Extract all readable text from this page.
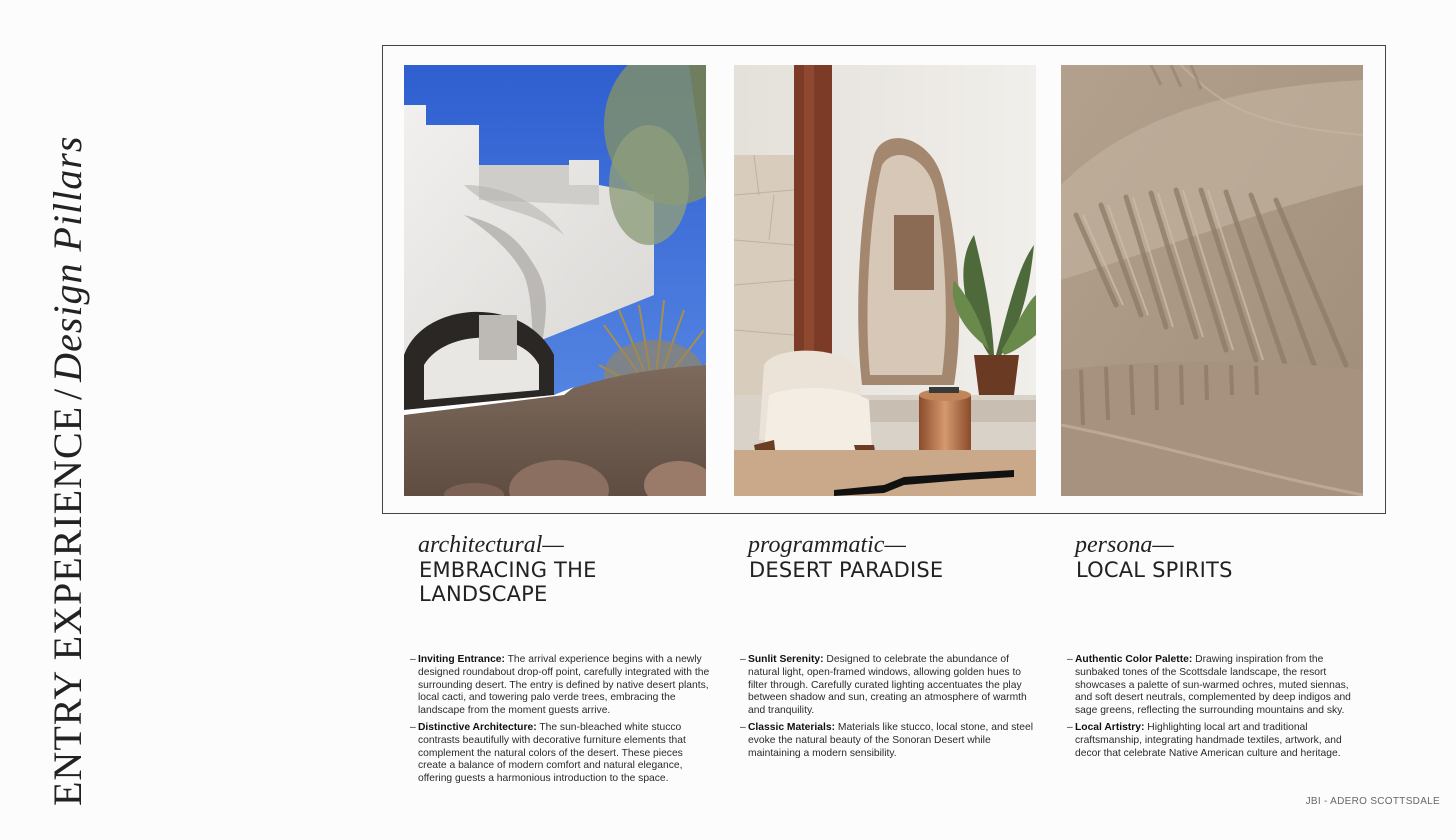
ENTRY EXPERIENCE/Design Pillars
architectural—
EMBRACING THE LANDSCAPE
– Inviting Entrance: The arrival experience begins with a newly designed roundabout drop-off point, carefully integrated with the surrounding desert. The entry is defined by native desert plants, local cacti, and towering palo verde trees, embracing the landscape from the moment guests arrive.
– Distinctive Architecture: The sun-bleached white stucco contrasts beautifully with decorative furniture elements that complement the natural colors of the desert. These pieces create a balance of modern comfort and natural elegance, offering guests a harmonious introduction to the space.
programmatic—
DESERT PARADISE
– Sunlit Serenity: Designed to celebrate the abundance of natural light, open-framed windows, allowing golden hues to filter through. Carefully curated lighting accentuates the play between shadow and sun, creating an atmosphere of warmth and tranquility.
– Classic Materials: Materials like stucco, local stone, and steel evoke the natural beauty of the Sonoran Desert while maintaining a modern sensibility.
persona—
LOCAL SPIRITS
– Authentic Color Palette: Drawing inspiration from the sunbaked tones of the Scottsdale landscape, the resort showcases a palette of sun-warmed ochres, muted siennas, and soft desert neutrals, complemented by deep indigos and sage greens, reflecting the surrounding mountains and sky.
– Local Artistry: Highlighting local art and traditional craftsmanship, integrating handmade textiles, artwork, and decor that celebrate Native American culture and heritage.
JBI - ADERO SCOTTSDALE
